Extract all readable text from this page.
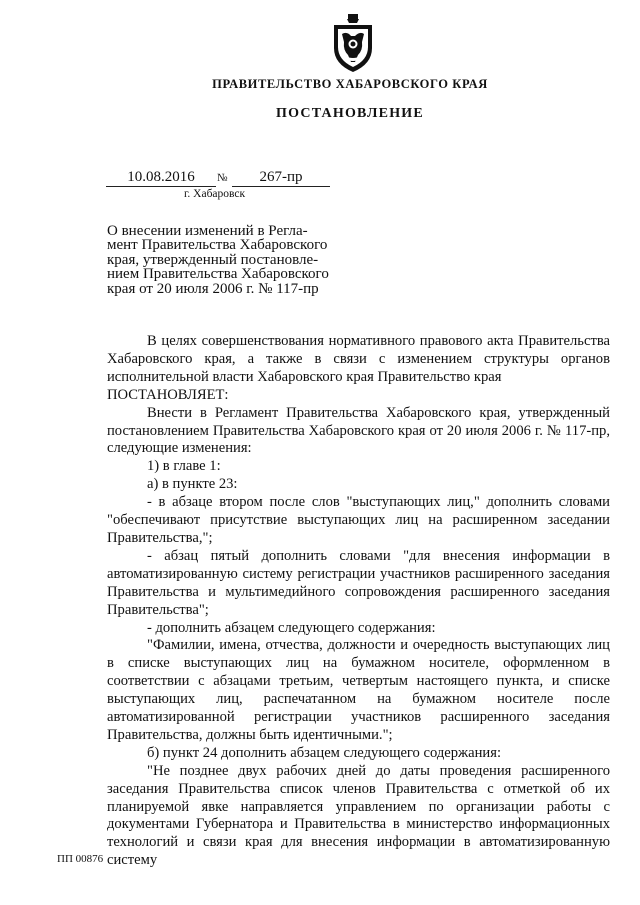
ПРАВИТЕЛЬСТВО ХАБАРОВСКОГО КРАЯ
ПОСТАНОВЛЕНИЕ
10.08.2016	№	267-пр
г. Хабаровск
О внесении изменений в Регла-
мент Правительства Хабаровского
края, утвержденный постановле-
нием Правительства Хабаровского
края от 20 июля 2006 г. № 117-пр

В целях совершенствования нормативного правового акта Правительства Хабаровского края, а также в связи с изменением структуры органов исполнительной власти Хабаровского края Правительство края

ПОСТАНОВЛЯЕТ:

Внести в Регламент Правительства Хабаровского края, утвержденный постановлением Правительства Хабаровского края от 20 июля 2006 г. № 117-пр, следующие изменения:

1) в главе 1:

а) в пункте 23:

- в абзаце втором после слов "выступающих лиц," дополнить словами "обеспечивают присутствие выступающих лиц на расширенном заседании Правительства,";

- абзац пятый дополнить словами "для внесения информации в автоматизированную систему регистрации участников расширенного заседания Правительства и мультимедийного сопровождения расширенного заседания Правительства";

- дополнить абзацем следующего содержания:

"Фамилии, имена, отчества, должности и очередность выступающих лиц в списке выступающих лиц на бумажном носителе, оформленном в соответствии с абзацами третьим, четвертым настоящего пункта, и списке выступающих лиц, распечатанном на бумажном носителе после автоматизированной регистрации участников расширенного заседания Правительства, должны быть идентичными.";

б) пункт 24 дополнить абзацем следующего содержания:

"Не позднее двух рабочих дней до даты проведения расширенного заседания Правительства список членов Правительства с отметкой об их планируемой явке направляется управлением по организации работы с документами Губернатора и Правительства в министерство информационных технологий и связи края для внесения информации в автоматизированную систему

ПП 00876
